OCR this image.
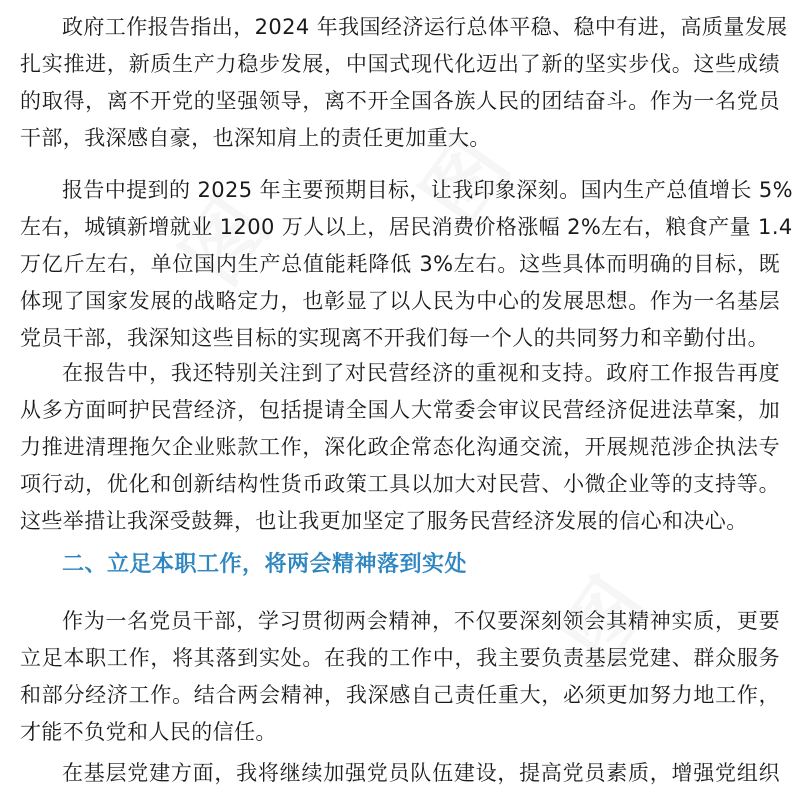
政府工作报告指出，2024 年我国经济运行总体平稳、稳中有进，高质量发展
扎实推进，新质生产力稳步发展，中国式现代化迈出了新的坚实步伐。这些成绩
的取得，离不开党的坚强领导，离不开全国各族人民的团结奋斗。作为一名党员
干部，我深感自豪，也深知肩上的责任更加重大。
报告中提到的 2025 年主要预期目标，让我印象深刻。国内生产总值增长 5%
左右，城镇新增就业 1200 万人以上，居民消费价格涨幅 2%左右，粮食产量 1.4
万亿斤左右，单位国内生产总值能耗降低 3%左右。这些具体而明确的目标，既
体现了国家发展的战略定力，也彰显了以人民为中心的发展思想。作为一名基层
党员干部，我深知这些目标的实现离不开我们每一个人的共同努力和辛勤付出。
在报告中，我还特别关注到了对民营经济的重视和支持。政府工作报告再度
从多方面呵护民营经济，包括提请全国人大常委会审议民营经济促进法草案，加
力推进清理拖欠企业账款工作，深化政企常态化沟通交流，开展规范涉企执法专
项行动，优化和创新结构性货币政策工具以加大对民营、小微企业等的支持等。
这些举措让我深受鼓舞，也让我更加坚定了服务民营经济发展的信心和决心。
二、立足本职工作，将两会精神落到实处
作为一名党员干部，学习贯彻两会精神，不仅要深刻领会其精神实质，更要
立足本职工作，将其落到实处。在我的工作中，我主要负责基层党建、群众服务
和部分经济工作。结合两会精神，我深感自己责任重大，必须更加努力地工作，
才能不负党和人民的信任。
在基层党建方面，我将继续加强党员队伍建设，提高党员素质，增强党组织
